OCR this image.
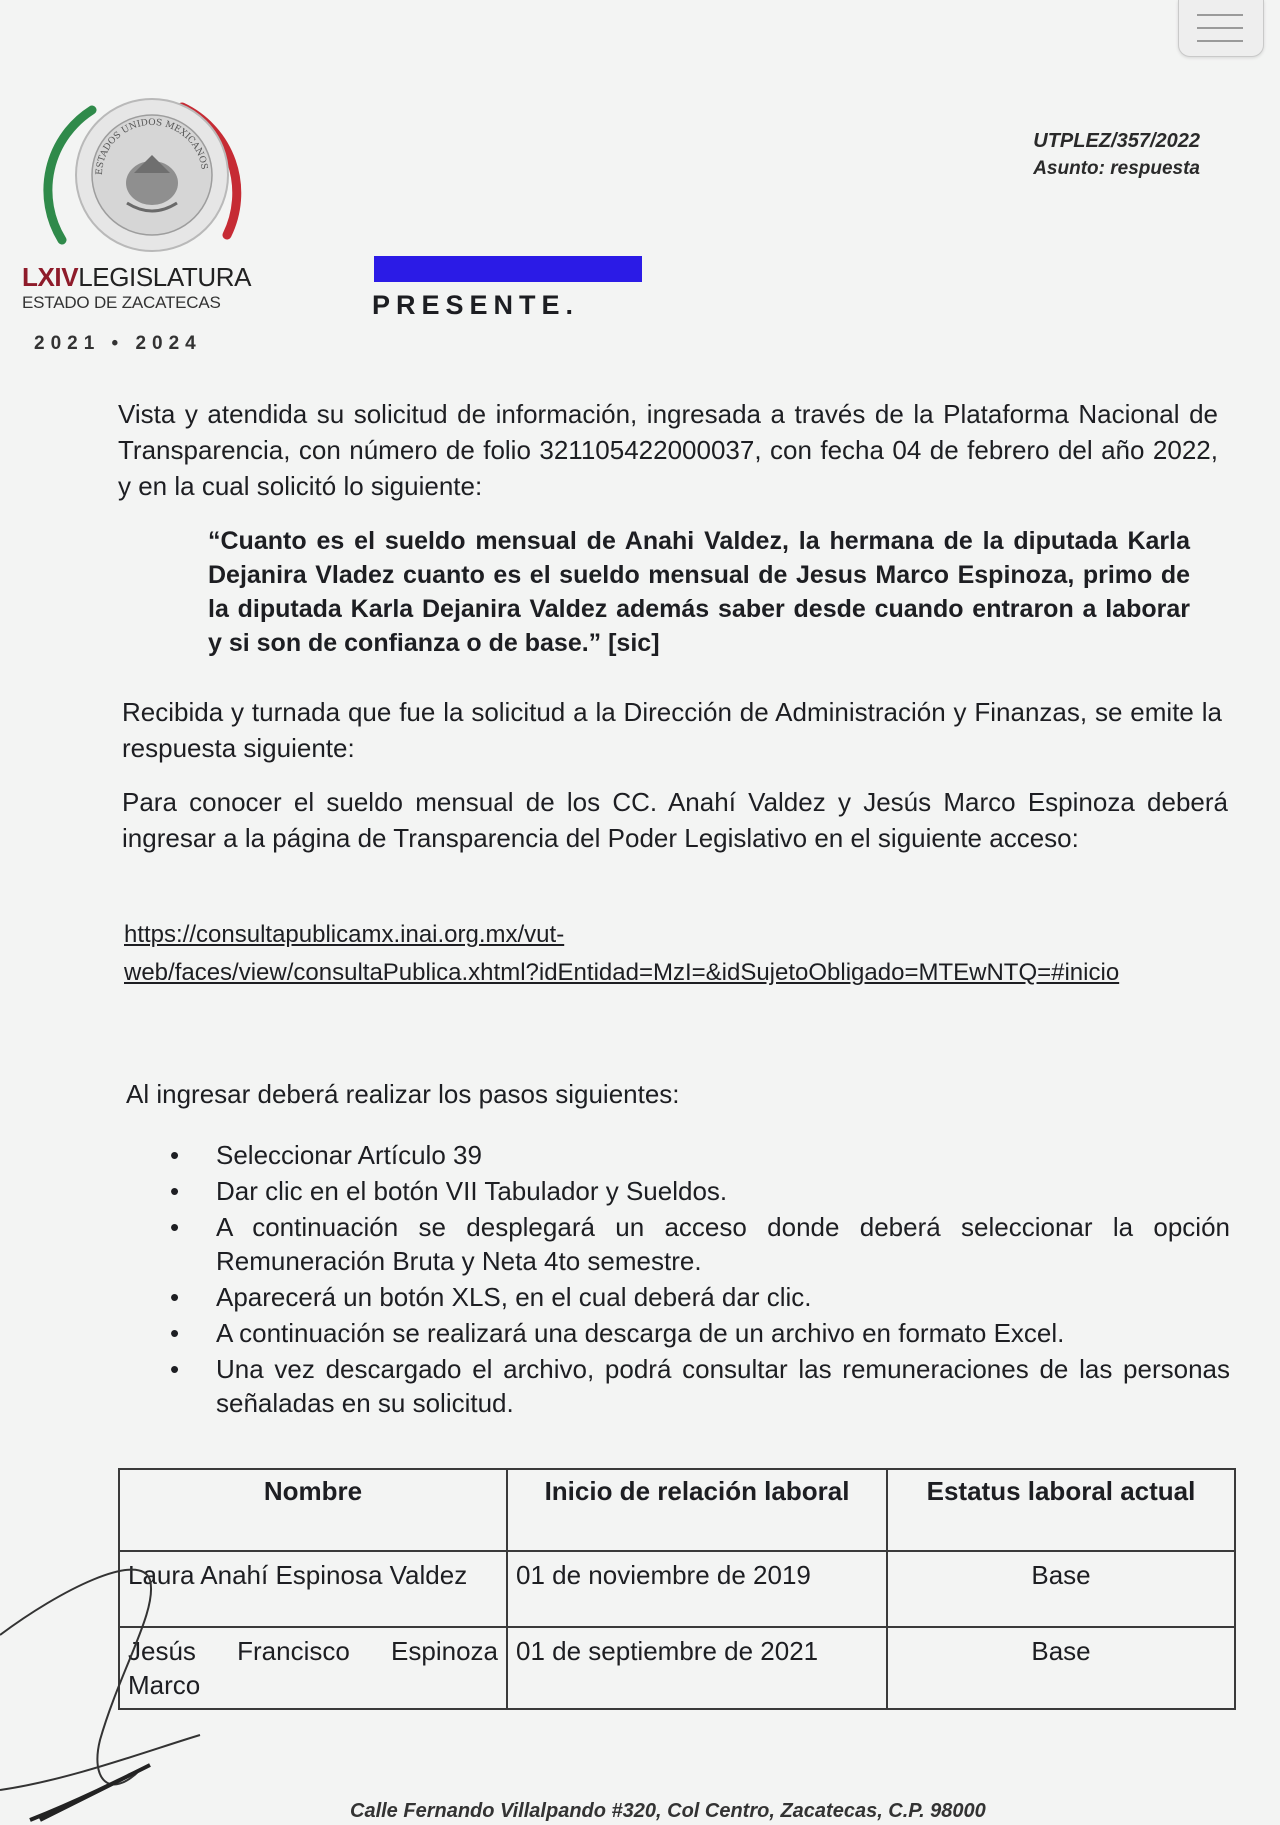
ESTADOS UNIDOS MEXICANOS
LXIVLEGISLATURA
ESTADO DE ZACATECAS
2021 • 2024
UTPLEZ/357/2022
Asunto: respuesta
PRESENTE.

Vista y atendida su solicitud de información, ingresada a través de la Plataforma Nacional de Transparencia, con número de folio 321105422000037, con fecha 04 de febrero del año 2022, y en la cual solicitó lo siguiente:

“Cuanto es el sueldo mensual de Anahi Valdez, la hermana de la diputada Karla Dejanira Vladez cuanto es el sueldo mensual de Jesus Marco Espinoza, primo de la diputada Karla Dejanira Valdez además saber desde cuando entraron a laborar y si son de confianza o de base.” [sic]

Recibida y turnada que fue la solicitud a la Dirección de Administración y Finanzas, se emite la respuesta siguiente:

Para conocer el sueldo mensual de los CC. Anahí Valdez y Jesús Marco Espinoza deberá ingresar a la página de Transparencia del Poder Legislativo en el siguiente acceso:

https://consultapublicamx.inai.org.mx/vut-
web/faces/view/consultaPublica.xhtml?idEntidad=MzI=&idSujetoObligado=MTEwNTQ=#inicio

Al ingresar deberá realizar los pasos siguientes:

• Seleccionar Artículo 39
• Dar clic en el botón VII Tabulador y Sueldos.
• A continuación se desplegará un acceso donde deberá seleccionar la opción Remuneración Bruta y Neta 4to semestre.
• Aparecerá un botón XLS, en el cual deberá dar clic.
• A continuación se realizará una descarga de un archivo en formato Excel.
• Una vez descargado el archivo, podrá consultar las remuneraciones de las personas señaladas en su solicitud.
Nombre	Inicio de relación laboral	Estatus laboral actual
Laura Anahí Espinosa Valdez	01 de noviembre de 2019	Base
Jesús Francisco Espinoza Marco	01 de septiembre de 2021	Base
Calle Fernando Villalpando #320, Col Centro, Zacatecas, C.P. 98000
